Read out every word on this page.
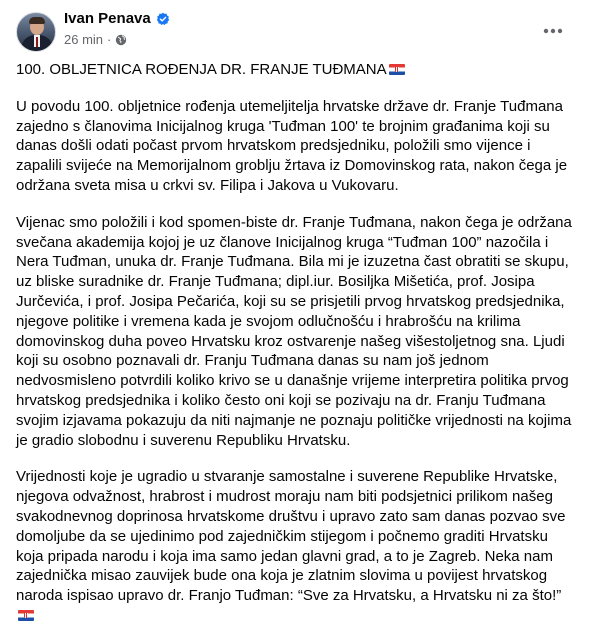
Ivan Penava
26 min ·
100. OBLJETNICA ROĐENJA DR. FRANJE TUĐMANA

U povodu 100. obljetnice rođenja utemeljitelja hrvatske države dr. Franje Tuđmana zajedno s članovima Inicijalnog kruga 'Tuđman 100' te brojnim građanima koji su danas došli odati počast prvom hrvatskom predsjedniku, položili smo vijence i zapalili svijeće na Memorijalnom groblju žrtava iz Domovinskog rata, nakon čega je održana sveta misa u crkvi sv. Filipa i Jakova u Vukovaru.

Vijenac smo položili i kod spomen-biste dr. Franje Tuđmana, nakon čega je održana svečana akademija kojoj je uz članove Inicijalnog kruga “Tuđman 100” nazočila i Nera Tuđman, unuka dr. Franje Tuđmana. Bila mi je izuzetna čast obratiti se skupu, uz bliske suradnike dr. Franje Tuđmana; dipl.iur. Bosiljka Mišetića, prof. Josipa Jurčevića, i prof. Josipa Pečarića, koji su se prisjetili prvog hrvatskog predsjednika, njegove politike i vremena kada je svojom odlučnošću i hrabrošću na krilima domovinskog duha poveo Hrvatsku kroz ostvarenje našeg višestoljetnog sna. Ljudi koji su osobno poznavali dr. Franju Tuđmana danas su nam još jednom nedvosmisleno potvrdili koliko krivo se u današnje vrijeme interpretira politika prvog hrvatskog predsjednika i koliko često oni koji se pozivaju na dr. Franju Tuđmana svojim izjavama pokazuju da niti najmanje ne poznaju političke vrijednosti na kojima je gradio slobodnu i suverenu Republiku Hrvatsku.

Vrijednosti koje je ugradio u stvaranje samostalne i suverene Republike Hrvatske, njegova odvažnost, hrabrost i mudrost moraju nam biti podsjetnici prilikom našeg svakodnevnog doprinosa hrvatskome društvu i upravo zato sam danas pozvao sve domoljube da se ujedinimo pod zajedničkim stijegom i počnemo graditi Hrvatsku koja pripada narodu i koja ima samo jedan glavni grad, a to je Zagreb. Neka nam zajednička misao zauvijek bude ona koja je zlatnim slovima u povijest hrvatskog naroda ispisao upravo dr. Franjo Tuđman: “Sve za Hrvatsku, a Hrvatsku ni za što!”
